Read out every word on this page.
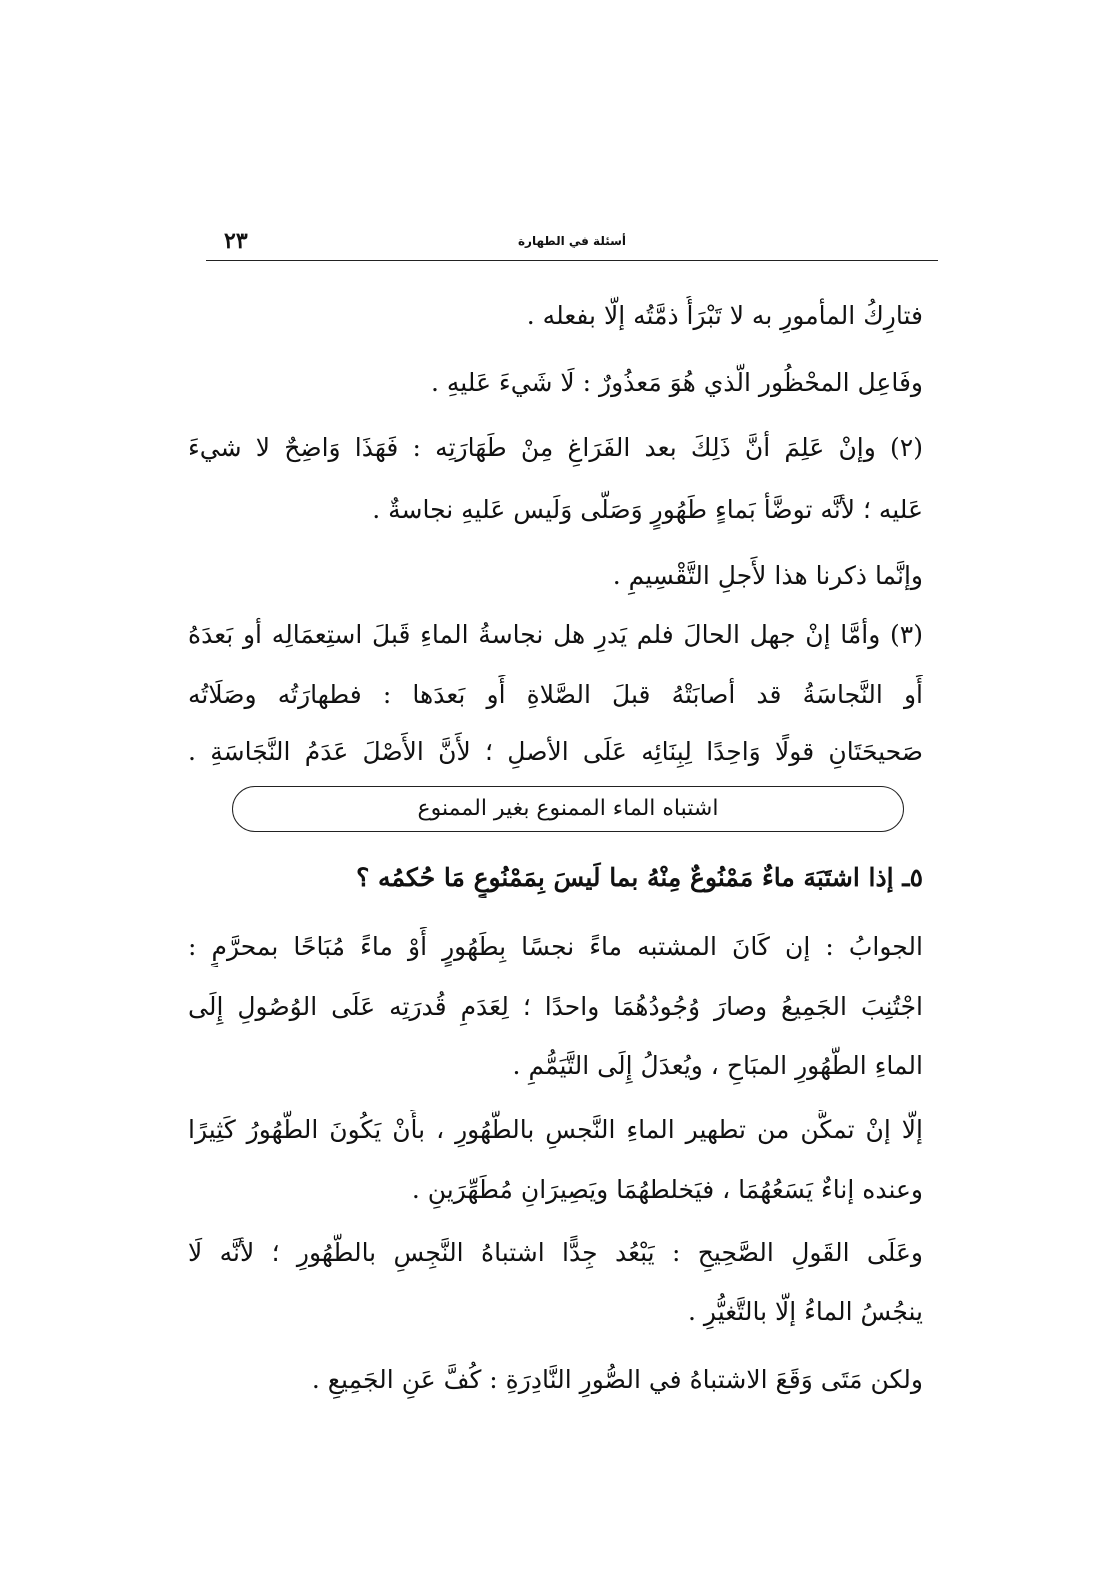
٢٣	أسئلة في الطهارة
فتارِكُ المأمورِ به لا تَبْرَأُ ذمَّتُه إلَّا بفعله .
وفَاعِل المحْظُور الَّذي هُوَ مَعذُورٌ : لَا شَيءَ عَليهِ .
(٢) وإنْ عَلِمَ أنَّ ذَلِكَ بعد الفَرَاغِ مِنْ طَهَارَتِه : فَهَذَا وَاضِحٌ لا شيءَ
عَليه ؛ لأنَّه توضَّأ بَماءٍ طَهُورٍ وَصَلَّى وَلَيس عَليهِ نجاسةٌ .
وإنَّما ذكرنا هذا لأَجلِ التَّقْسِيمِ .
(٣) وأمَّا إنْ جهل الحالَ فلم يَدرِ هل نجاسةُ الماءِ قَبلَ استِعمَالِه أو بَعدَهُ
أَو النَّجاسَةُ قد أصابَتْهُ قبلَ الصَّلاةِ أَو بَعدَها : فطهارَتُه وصَلَاتُه
صَحيحَتَانِ قولًا وَاحِدًا لِبِنَائِه عَلَى الأصلِ ؛ لأَنَّ الأَصْلَ عَدَمُ النَّجَاسَةِ .
اشتباه الماء الممنوع بغير الممنوع
٥ـ إذا اشتَبَهَ ماءٌ مَمْنُوعٌ مِنْهُ بما لَيسَ بِمَمْنُوعٍ مَا حُكمُه ؟
الجوابُ : إن كَانَ المشتبه ماءً نجسًا بِطَهُورٍ أَوْ ماءً مُبَاحًا بمحرَّمٍ :
اجْتُنِبَ الجَمِيعُ وصارَ وُجُودُهُمَا واحدًا ؛ لِعَدَمِ قُدرَتِه عَلَى الوُصُولِ إِلَى
الماءِ الطَّهُورِ المبَاحِ ، ويُعدَلُ إِلَى التَّيَمُّمِ .
إلَّا إنْ تمكَّن من تطهير الماءِ النَّجسِ بالطَّهُورِ ، بأَنْ يَكُونَ الطَّهُورُ كَثِيرًا
وعنده إناءٌ يَسَعُهُمَا ، فيَخلطهُمَا ويَصِيرَانِ مُطَهِّرَينِ .
وعَلَى القَولِ الصَّحِيحِ : يَبْعُد جِدًّا اشتباهُ النَّجِسِ بالطَّهُورِ ؛ لأنَّه لَا
ينجُسُ الماءُ إلَّا بالتَّغيُّرِ .
ولكن مَتَى وَقَعَ الاشتباهُ في الصُّورِ النَّادِرَةِ : كُفَّ عَنِ الجَمِيعِ .
